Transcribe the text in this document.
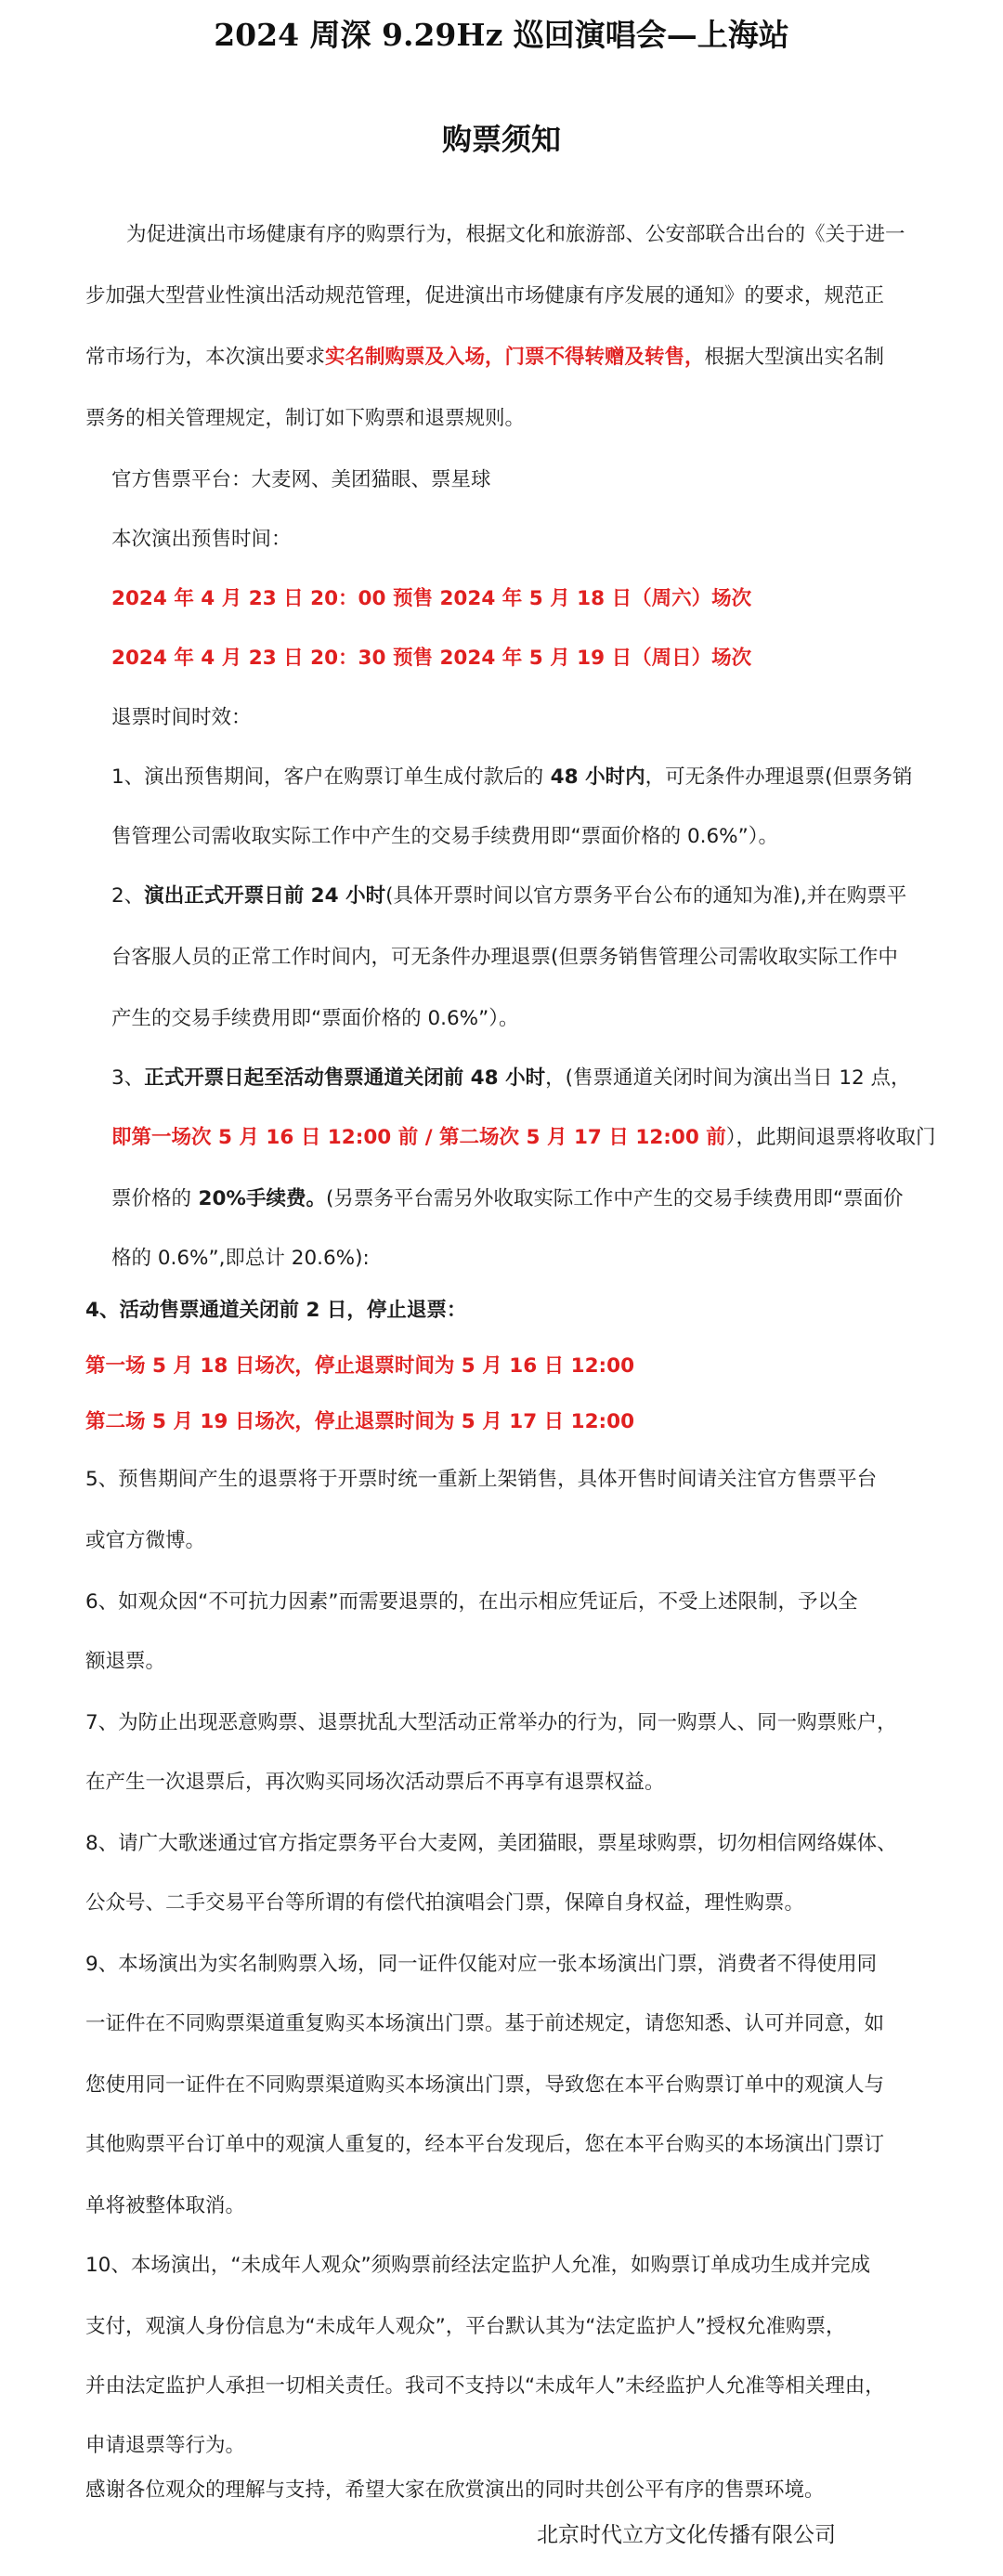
2024 周深 9.29Hz 巡回演唱会—上海站
购票须知
为促进演出市场健康有序的购票行为，根据文化和旅游部、公安部联合出台的《关于进一
步加强大型营业性演出活动规范管理，促进演出市场健康有序发展的通知》的要求，规范正
常市场行为，本次演出要求实名制购票及入场，门票不得转赠及转售，根据大型演出实名制
票务的相关管理规定，制订如下购票和退票规则。
官方售票平台：大麦网、美团猫眼、票星球
本次演出预售时间：
2024 年 4 月 23 日 20：00 预售 2024 年 5 月 18 日（周六）场次
2024 年 4 月 23 日 20：30 预售 2024 年 5 月 19 日（周日）场次
退票时间时效：
1、演出预售期间，客户在购票订单生成付款后的 48 小时内，可无条件办理退票(但票务销
售管理公司需收取实际工作中产生的交易手续费用即“票面价格的 0.6%”）。
2、演出正式开票日前 24 小时(具体开票时间以官方票务平台公布的通知为准),并在购票平
台客服人员的正常工作时间内，可无条件办理退票(但票务销售管理公司需收取实际工作中
产生的交易手续费用即“票面价格的 0.6%”）。
3、正式开票日起至活动售票通道关闭前 48 小时，(售票通道关闭时间为演出当日 12 点，
即第一场次 5 月 16 日 12:00 前 / 第二场次 5 月 17 日 12:00 前），此期间退票将收取门
票价格的 20%手续费。(另票务平台需另外收取实际工作中产生的交易手续费用即“票面价
格的 0.6%”,即总计 20.6%):
4、活动售票通道关闭前 2 日，停止退票：
第一场 5 月 18 日场次，停止退票时间为 5 月 16 日 12:00
第二场 5 月 19 日场次，停止退票时间为 5 月 17 日 12:00
5、预售期间产生的退票将于开票时统一重新上架销售，具体开售时间请关注官方售票平台
或官方微博。
6、如观众因“不可抗力因素”而需要退票的，在出示相应凭证后，不受上述限制，予以全
额退票。
7、为防止出现恶意购票、退票扰乱大型活动正常举办的行为，同一购票人、同一购票账户，
在产生一次退票后，再次购买同场次活动票后不再享有退票权益。
8、请广大歌迷通过官方指定票务平台大麦网，美团猫眼，票星球购票，切勿相信网络媒体、
公众号、二手交易平台等所谓的有偿代拍演唱会门票，保障自身权益，理性购票。
9、本场演出为实名制购票入场，同一证件仅能对应一张本场演出门票，消费者不得使用同
一证件在不同购票渠道重复购买本场演出门票。基于前述规定，请您知悉、认可并同意，如
您使用同一证件在不同购票渠道购买本场演出门票，导致您在本平台购票订单中的观演人与
其他购票平台订单中的观演人重复的，经本平台发现后，您在本平台购买的本场演出门票订
单将被整体取消。
10、本场演出，“未成年人观众”须购票前经法定监护人允准，如购票订单成功生成并完成
支付，观演人身份信息为“未成年人观众”，平台默认其为“法定监护人”授权允准购票，
并由法定监护人承担一切相关责任。我司不支持以“未成年人”未经监护人允准等相关理由，
申请退票等行为。
感谢各位观众的理解与支持，希望大家在欣赏演出的同时共创公平有序的售票环境。
北京时代立方文化传播有限公司
